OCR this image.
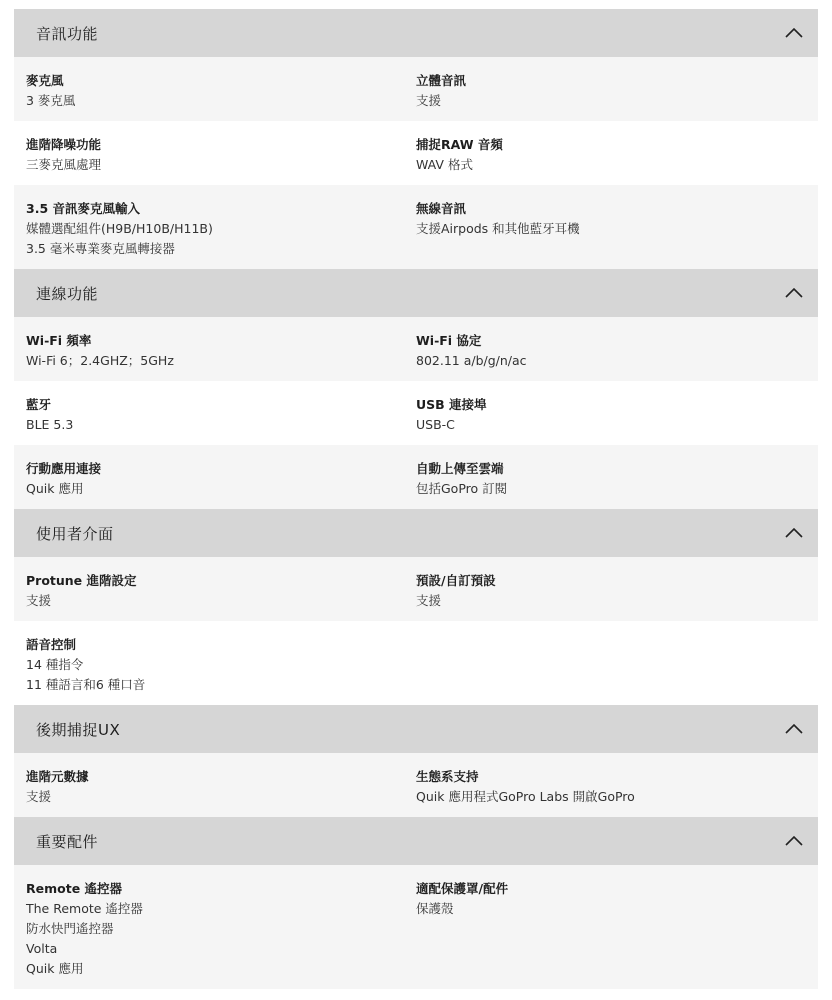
音訊功能
麥克風
3 麥克風
立體音訊
支援
進階降噪功能
三麥克風處理
捕捉RAW 音頻
WAV 格式
3.5 音訊麥克風輸入
媒體選配組件(H9B/H10B/H11B)
3.5 毫米專業麥克風轉接器
無線音訊
支援Airpods 和其他藍牙耳機
連線功能
Wi-Fi 頻率
Wi-Fi 6；2.4GHZ；5GHz
Wi-Fi 協定
802.11 a/b/g/n/ac
藍牙
BLE 5.3
USB 連接埠
USB-C
行動應用連接
Quik 應用
自動上傳至雲端
包括GoPro 訂閱
使用者介面
Protune 進階設定
支援
預設/自訂預設
支援
語音控制
14 種指令
11 種語言和6 種口音
後期捕捉UX
進階元數據
支援
生態系支持
Quik 應用程式GoPro Labs 開啟GoPro
重要配件
Remote 遙控器
The Remote 遙控器
防水快門遙控器
Volta
Quik 應用
適配保護罩/配件
保護殼
